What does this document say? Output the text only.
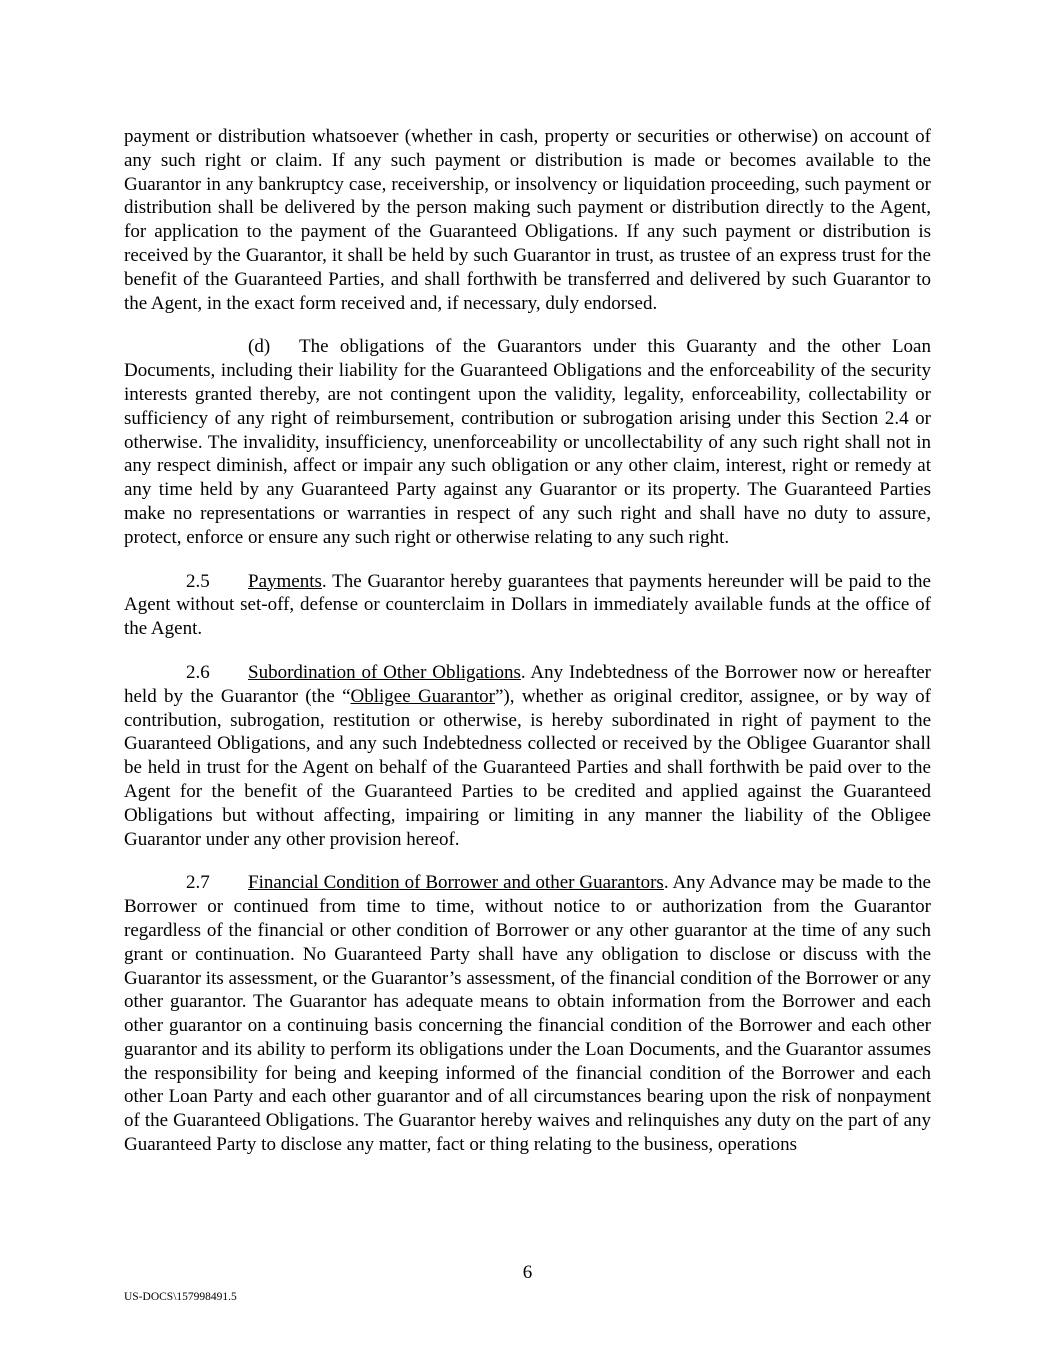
payment or distribution whatsoever (whether in cash, property or securities or otherwise) on account of any such right or claim. If any such payment or distribution is made or becomes available to the Guarantor in any bankruptcy case, receivership, or insolvency or liquidation proceeding, such payment or distribution shall be delivered by the person making such payment or distribution directly to the Agent, for application to the payment of the Guaranteed Obligations. If any such payment or distribution is received by the Guarantor, it shall be held by such Guarantor in trust, as trustee of an express trust for the benefit of the Guaranteed Parties, and shall forthwith be transferred and delivered by such Guarantor to the Agent, in the exact form received and, if necessary, duly endorsed.

(d) The obligations of the Guarantors under this Guaranty and the other Loan Documents, including their liability for the Guaranteed Obligations and the enforceability of the security interests granted thereby, are not contingent upon the validity, legality, enforceability, collectability or sufficiency of any right of reimbursement, contribution or subrogation arising under this Section 2.4 or otherwise. The invalidity, insufficiency, unenforceability or uncollectability of any such right shall not in any respect diminish, affect or impair any such obligation or any other claim, interest, right or remedy at any time held by any Guaranteed Party against any Guarantor or its property. The Guaranteed Parties make no representations or warranties in respect of any such right and shall have no duty to assure, protect, enforce or ensure any such right or otherwise relating to any such right.

2.5 Payments. The Guarantor hereby guarantees that payments hereunder will be paid to the Agent without set-off, defense or counterclaim in Dollars in immediately available funds at the office of the Agent.

2.6 Subordination of Other Obligations. Any Indebtedness of the Borrower now or hereafter held by the Guarantor (the “Obligee Guarantor”), whether as original creditor, assignee, or by way of contribution, subrogation, restitution or otherwise, is hereby subordinated in right of payment to the Guaranteed Obligations, and any such Indebtedness collected or received by the Obligee Guarantor shall be held in trust for the Agent on behalf of the Guaranteed Parties and shall forthwith be paid over to the Agent for the benefit of the Guaranteed Parties to be credited and applied against the Guaranteed Obligations but without affecting, impairing or limiting in any manner the liability of the Obligee Guarantor under any other provision hereof.

2.7 Financial Condition of Borrower and other Guarantors. Any Advance may be made to the Borrower or continued from time to time, without notice to or authorization from the Guarantor regardless of the financial or other condition of Borrower or any other guarantor at the time of any such grant or continuation. No Guaranteed Party shall have any obligation to disclose or discuss with the Guarantor its assessment, or the Guarantor’s assessment, of the financial condition of the Borrower or any other guarantor. The Guarantor has adequate means to obtain information from the Borrower and each other guarantor on a continuing basis concerning the financial condition of the Borrower and each other guarantor and its ability to perform its obligations under the Loan Documents, and the Guarantor assumes the responsibility for being and keeping informed of the financial condition of the Borrower and each other Loan Party and each other guarantor and of all circumstances bearing upon the risk of nonpayment of the Guaranteed Obligations. The Guarantor hereby waives and relinquishes any duty on the part of any Guaranteed Party to disclose any matter, fact or thing relating to the business, operations

6
US-DOCS\157998491.5
